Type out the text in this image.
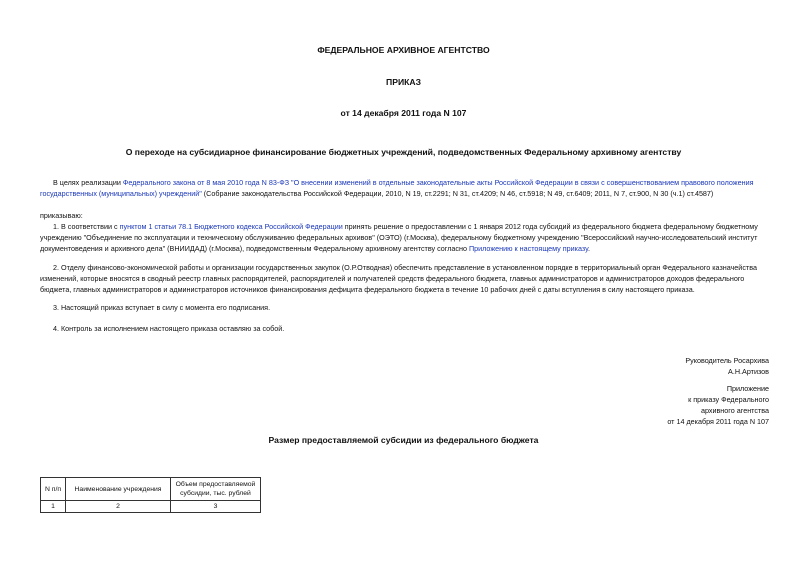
ФЕДЕРАЛЬНОЕ АРХИВНОЕ АГЕНТСТВО
ПРИКАЗ
от 14 декабря 2011 года N 107
О переходе на субсидиарное финансирование бюджетных учреждений, подведомственных Федеральному архивному агентству
В целях реализации Федерального закона от 8 мая 2010 года N 83-ФЗ "О внесении изменений в отдельные законодательные акты Российской Федерации в связи с совершенствованием правового положения государственных (муниципальных) учреждений" (Собрание законодательства Российской Федерации, 2010, N 19, ст.2291; N 31, ст.4209; N 46, ст.5918; N 49, ст.6409; 2011, N 7, ст.900, N 30 (ч.1) ст.4587)
приказываю:
1. В соответствии с пунктом 1 статьи 78.1 Бюджетного кодекса Российской Федерации принять решение о предоставлении с 1 января 2012 года субсидий из федерального бюджета федеральному бюджетному учреждению "Объединение по эксплуатации и техническому обслуживанию федеральных архивов" (ОЭТО) (г.Москва), федеральному бюджетному учреждению "Всероссийский научно-исследовательский институт документоведения и архивного дела" (ВНИИДАД) (г.Москва), подведомственным Федеральному архивному агентству согласно Приложению к настоящему приказу.
2. Отделу финансово-экономической работы и организации государственных закупок (О.Р.Отводная) обеспечить представление в установленном порядке в территориальный орган Федерального казначейства изменений, которые вносятся в сводный реестр главных распорядителей, распорядителей и получателей средств федерального бюджета, главных администраторов и администраторов доходов федерального бюджета, главных администраторов и администраторов источников финансирования дефицита федерального бюджета в течение 10 рабочих дней с даты вступления в силу настоящего приказа.
3. Настоящий приказ вступает в силу с момента его подписания.
4. Контроль за исполнением настоящего приказа оставляю за собой.
Руководитель Росархива
А.Н.Артизов
Приложение
к приказу Федерального
архивного агентства
от 14 декабря 2011 года N 107
Размер предоставляемой субсидии из федерального бюджета
N п/п	Наименование учреждения	Объем предоставляемой субсидии, тыс. рублей
1	2	3
